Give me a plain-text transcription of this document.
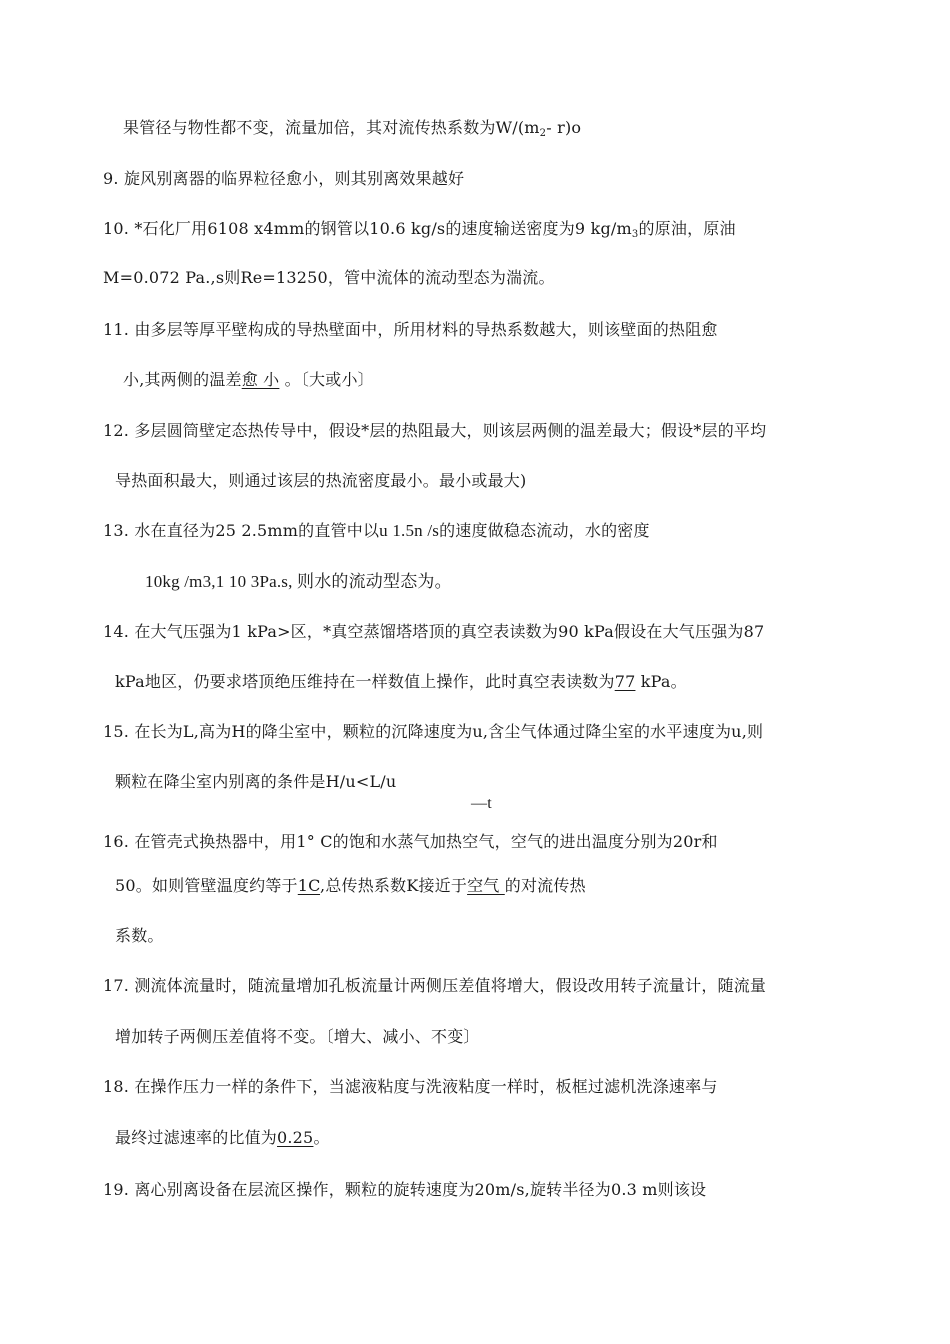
果管径与物性都不变，流量加倍，其对流传热系数为$W/(m_2-$ r)o
9. 旋风别离器的临界粒径愈小，则其别离效果越好
10. *石化厂用6108 x4mm的钢管以10.6 kg/s的速度输送密度为9 $kg/m_3$的原油，原油
M=0.072 Pa.,s则Re=13250，管中流体的流动型态为湍流。
11. 由多层等厚平壁构成的导热壁面中，所用材料的导热系数越大，则该壁面的热阻愈
小,其两侧的温差愈 小 。〔大或小〕
12. 多层圆筒壁定态热传导中，假设*层的热阻最大，则该层两侧的温差最大；假设*层的平均
导热面积最大，则通过该层的热流密度最小。最小或最大)
13. 水在直径为25 2.5mm的直管中以u 1.5n /s的速度做稳态流动，水的密度
10kg /m3,1 10 3Pa.s, 则水的流动型态为。
14. 在大气压强为1 kPa>区，*真空蒸馏塔塔顶的真空表读数为90 kPa假设在大气压强为87
kPa地区，仍要求塔顶绝压维持在一样数值上操作，此时真空表读数为77 kPa。
15. 在长为L,高为H的降尘室中，颗粒的沉降速度为u,含尘气体通过降尘室的水平速度为u,则
颗粒在降尘室内别离的条件是H/u<L/u
—t
16. 在管壳式换热器中，用1° C的饱和水蒸气加热空气，空气的进出温度分别为20r和
50。如则管壁温度约等于1C,总传热系数K接近于空气 的对流传热
系数。
17. 测流体流量时，随流量增加孔板流量计两侧压差值将增大，假设改用转子流量计，随流量
增加转子两侧压差值将不变。〔增大、减小、不变〕
18. 在操作压力一样的条件下，当滤液粘度与洗液粘度一样时，板框过滤机洗涤速率与
最终过滤速率的比值为0.25。
19. 离心别离设备在层流区操作，颗粒的旋转速度为20m/s,旋转半径为0.3 m则该设
